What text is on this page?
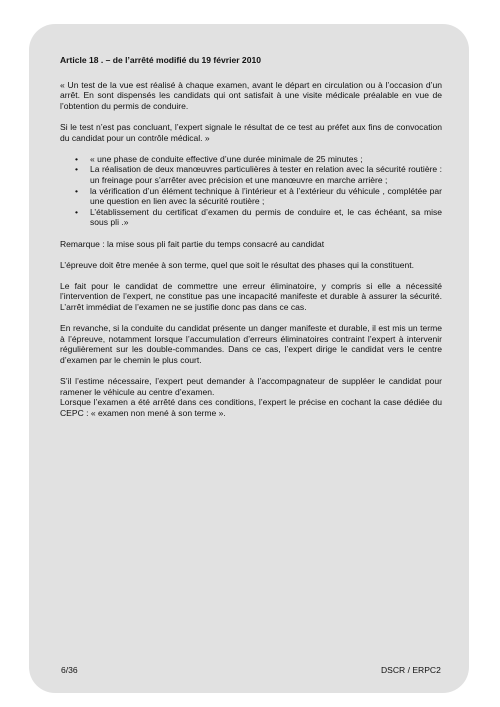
Article 18 . – de l’arrêté modifié du 19 février 2010

« Un test de la vue est réalisé à chaque examen, avant le départ en circulation ou à l’occasion d’un arrêt. En sont dispensés les candidats qui ont satisfait à une visite médicale préalable en vue de l’obtention du permis de conduire.

Si le test n’est pas concluant, l’expert signale le résultat de ce test au préfet aux fins de convocation du candidat pour un contrôle médical. »

• « une phase de conduite effective d’une durée minimale de 25 minutes ;
• La réalisation de deux manœuvres particulières à tester en relation avec la sécurité routière : un freinage pour s’arrêter avec précision et une manœuvre en marche arrière ;
• la vérification d’un élément technique à l’intérieur et à l’extérieur du véhicule , complétée par une question en lien avec la sécurité routière ;
• L’établissement du certificat d’examen du permis de conduire et, le cas échéant, sa mise sous pli .»

Remarque : la mise sous pli fait partie du temps consacré au candidat

L’épreuve doit être menée à son terme, quel que soit le résultat des phases qui la constituent.

Le fait pour le candidat de commettre une erreur éliminatoire, y compris si elle a nécessité l’intervention de l’expert, ne constitue pas une incapacité manifeste et durable à assurer la sécurité. L’arrêt immédiat de l’examen ne se justifie donc pas dans ce cas.

En revanche, si la conduite du candidat présente un danger manifeste et durable, il est mis un terme à l’épreuve, notamment lorsque l’accumulation d’erreurs éliminatoires contraint l’expert à intervenir régulièrement sur les double-commandes. Dans ce cas, l’expert dirige le candidat vers le centre d’examen par le chemin le plus court.

S’il l’estime nécessaire, l’expert peut demander à l’accompagnateur de suppléer le candidat pour ramener le véhicule au centre d’examen.

Lorsque l’examen a été arrêté dans ces conditions, l’expert le précise en cochant la case dédiée du CEPC : « examen non mené à son terme ».

6/36	DSCR / ERPC2
